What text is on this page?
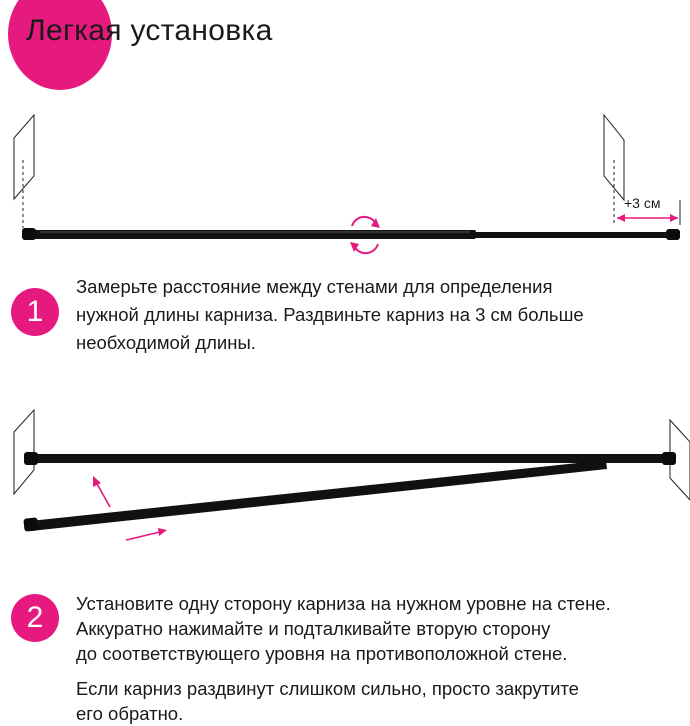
Легкая установка
+3 см
1

Замерьте расстояние между стенами для определения

нужной длины карниза. Раздвиньте карниз на 3 см больше

необходимой длины.

2	Установите одну сторону карниза на нужном уровне на стене.

Аккуратно нажимайте и подталкивайте вторую сторону

до соответствующего уровня на противоположной стене.

Если карниз раздвинут слишком сильно, просто закрутите

его обратно.
